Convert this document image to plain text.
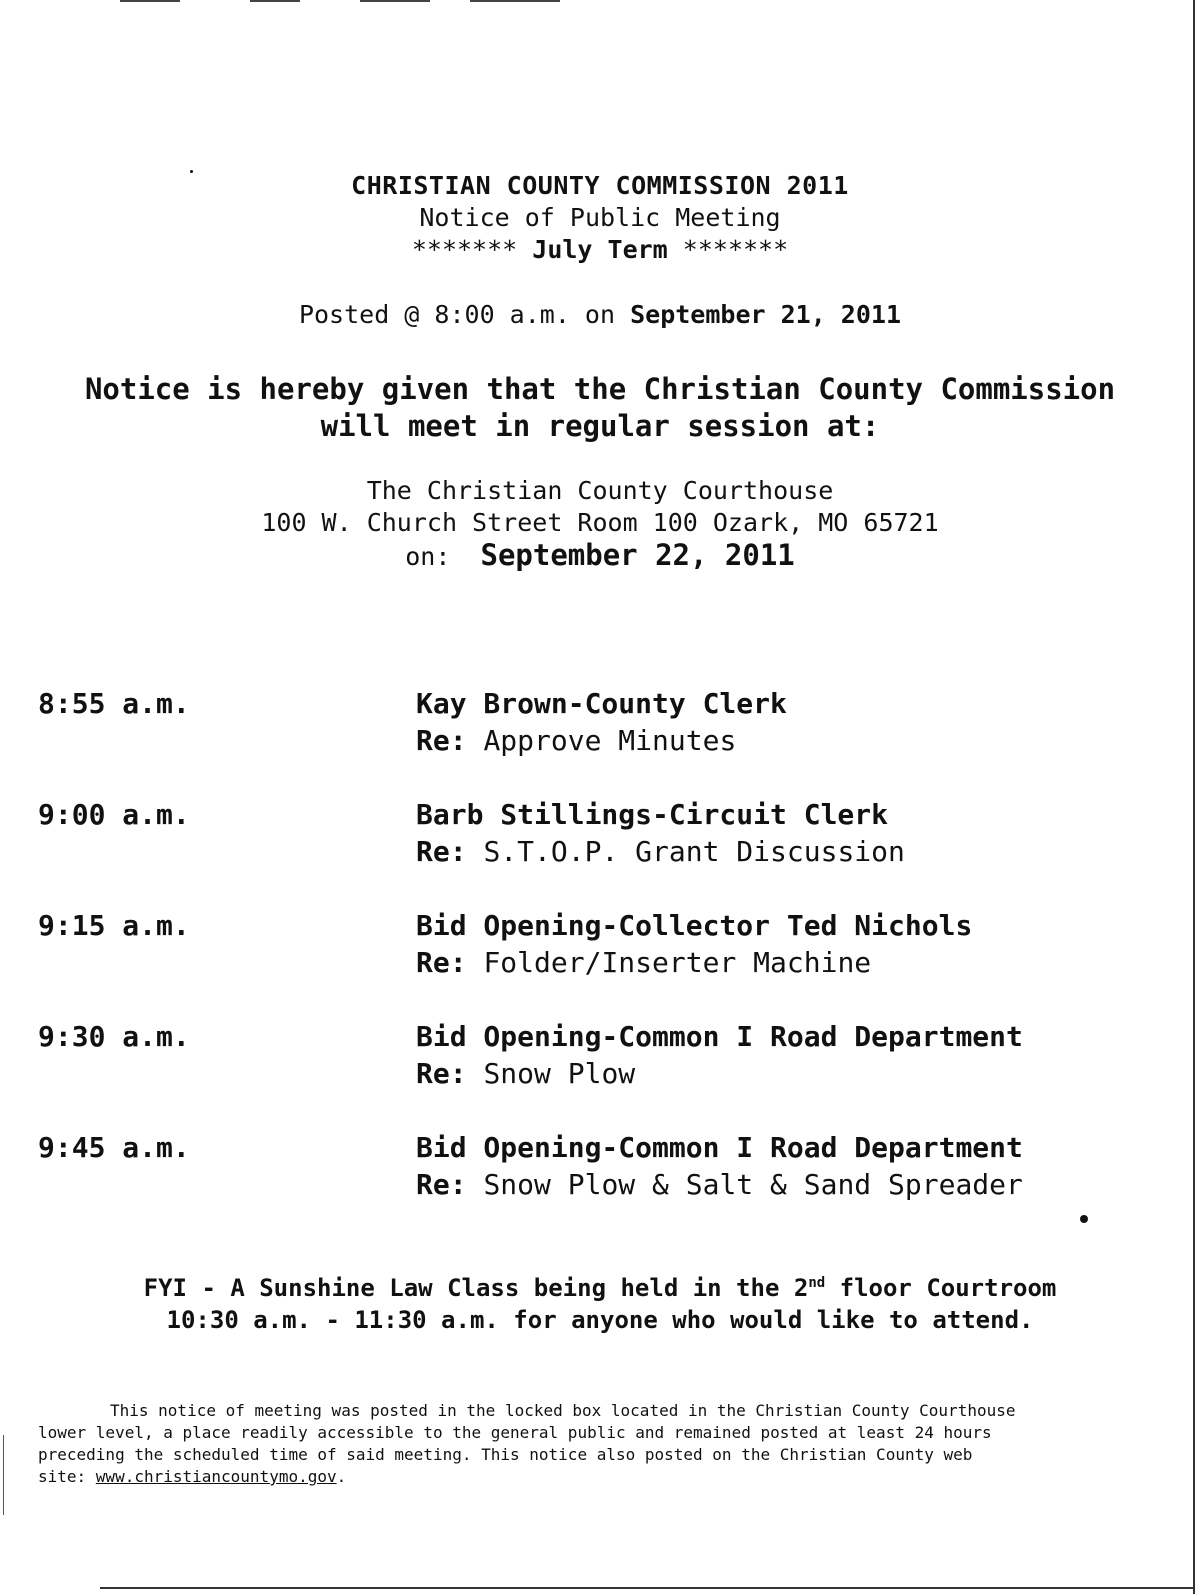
CHRISTIAN COUNTY COMMISSION 2011
Notice of Public Meeting
******* July Term *******
Posted @ 8:00 a.m. on September 21, 2011
Notice is hereby given that the Christian County Commission
will meet in regular session at:
The Christian County Courthouse
100 W. Church Street Room 100 Ozark, MO 65721
on: September 22, 2011
8:55 a.m.	Kay Brown-County Clerk
Re: Approve Minutes
9:00 a.m.	Barb Stillings-Circuit Clerk
Re: S.T.O.P. Grant Discussion
9:15 a.m.	Bid Opening-Collector Ted Nichols
Re: Folder/Inserter Machine
9:30 a.m.	Bid Opening-Common I Road Department
Re: Snow Plow
9:45 a.m.	Bid Opening-Common I Road Department
Re: Snow Plow & Salt & Sand Spreader
FYI - A Sunshine Law Class being held in the 2nd floor Courtroom
10:30 a.m. - 11:30 a.m. for anyone who would like to attend.
This notice of meeting was posted in the locked box located in the Christian County Courthouse
lower level, a place readily accessible to the general public and remained posted at least 24 hours
preceding the scheduled time of said meeting. This notice also posted on the Christian County web
site: www.christiancountymo.gov.
